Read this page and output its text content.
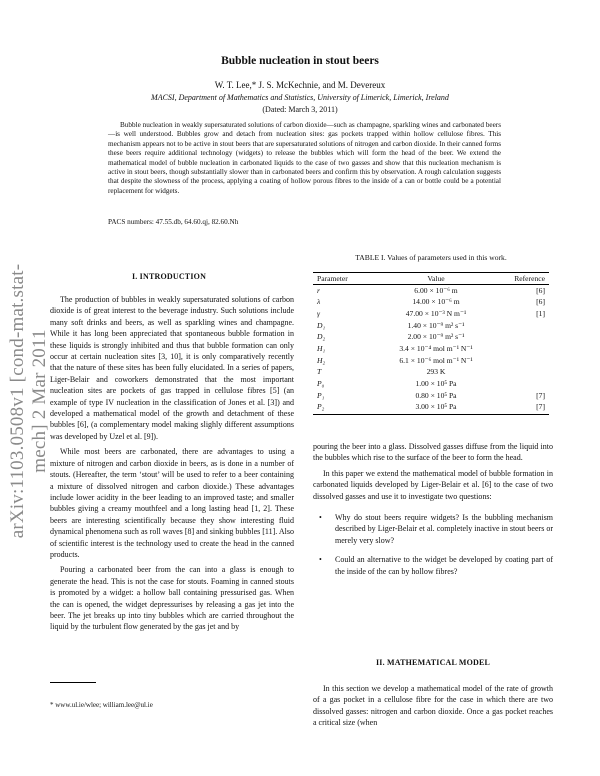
arXiv:1103.0508v1 [cond-mat.stat-mech] 2 Mar 2011
Bubble nucleation in stout beers
W. T. Lee,* J. S. McKechnie, and M. Devereux
MACSI, Department of Mathematics and Statistics, University of Limerick, Limerick, Ireland
(Dated: March 3, 2011)

Bubble nucleation in weakly supersaturated solutions of carbon dioxide—such as champagne, sparkling wines and carbonated beers—is well understood. Bubbles grow and detach from nucleation sites: gas pockets trapped within hollow cellulose fibres. This mechanism appears not to be active in stout beers that are supersaturated solutions of nitrogen and carbon dioxide. In their canned forms these beers require additional technology (widgets) to release the bubbles which will form the head of the beer. We extend the mathematical model of bubble nucleation in carbonated liquids to the case of two gasses and show that this nucleation mechanism is active in stout beers, though substantially slower than in carbonated beers and confirm this by observation. A rough calculation suggests that despite the slowness of the process, applying a coating of hollow porous fibres to the inside of a can or bottle could be a potential replacement for widgets.

PACS numbers: 47.55.db, 64.60.qj, 82.60.Nh
I. INTRODUCTION

The production of bubbles in weakly supersaturated solutions of carbon dioxide is of great interest to the beverage industry. Such solutions include many soft drinks and beers, as well as sparkling wines and champagne. While it has long been appreciated that spontaneous bubble formation in these liquids is strongly inhibited and thus that bubble formation can only occur at certain nucleation sites [3, 10], it is only comparatively recently that the nature of these sites has been fully elucidated. In a series of papers, Liger-Belair and coworkers demonstrated that the most important nucleation sites are pockets of gas trapped in cellulose fibres [5] (an example of type IV nucleation in the classification of Jones et al. [3]) and developed a mathematical model of the growth and detachment of these bubbles [6], (a complementary model making slighly different assumptions was developed by Uzel et al. [9]).

While most beers are carbonated, there are advantages to using a mixture of nitrogen and carbon dioxide in beers, as is done in a number of stouts. (Hereafter, the term ‘stout’ will be used to refer to a beer containing a mixture of dissolved nitrogen and carbon dioxide.) These advantages include lower acidity in the beer leading to an improved taste; and smaller bubbles giving a creamy mouthfeel and a long lasting head [1, 2]. These beers are interesting scientifically because they show interesting fluid dynamical phenomena such as roll waves [8] and sinking bubbles [11]. Also of scientific interest is the technology used to create the head in the canned products.

Pouring a carbonated beer from the can into a glass is enough to generate the head. This is not the case for stouts. Foaming in canned stouts is promoted by a widget: a hollow ball containing pressurised gas. When the can is opened, the widget depressurises by releasing a gas jet into the beer. The jet breaks up into tiny bubbles which are carried throughout the liquid by the turbulent flow generated by the gas jet and by

TABLE I. Values of parameters used in this work.
Parameter	Value	Reference
r	6.00 × 10⁻⁶ m	[6]
λ	14.00 × 10⁻⁶ m	[6]
γ	47.00 × 10⁻³ N m⁻¹	[1]
D₁	1.40 × 10⁻⁹ m² s⁻¹	
D₂	2.00 × 10⁻⁹ m² s⁻¹	
H₁	3.4 × 10⁻⁴ mol m⁻¹ N⁻¹	
H₂	6.1 × 10⁻⁶ mol m⁻¹ N⁻¹	
T	293 K	
P₀	1.00 × 10⁵ Pa	
P₁	0.80 × 10⁵ Pa	[7]
P₂	3.00 × 10⁵ Pa	[7]

pouring the beer into a glass. Dissolved gasses diffuse from the liquid into the bubbles which rise to the surface of the beer to form the head.

In this paper we extend the mathematical model of bubble formation in carbonated liquids developed by Liger-Belair et al. [6] to the case of two dissolved gasses and use it to investigate two questions:

• Why do stout beers require widgets? Is the bubbling mechanism described by Liger-Belair et al. completely inactive in stout beers or merely very slow?
• Could an alternative to the widget be developed by coating part of the inside of the can by hollow fibres?
II. MATHEMATICAL MODEL

In this section we develop a mathematical model of the rate of growth of a gas pocket in a cellulose fibre for the case in which there are two dissolved gasses: nitrogen and carbon dioxide. Once a gas pocket reaches a critical size (when

* www.ul.ie/wlee; william.lee@ul.ie
